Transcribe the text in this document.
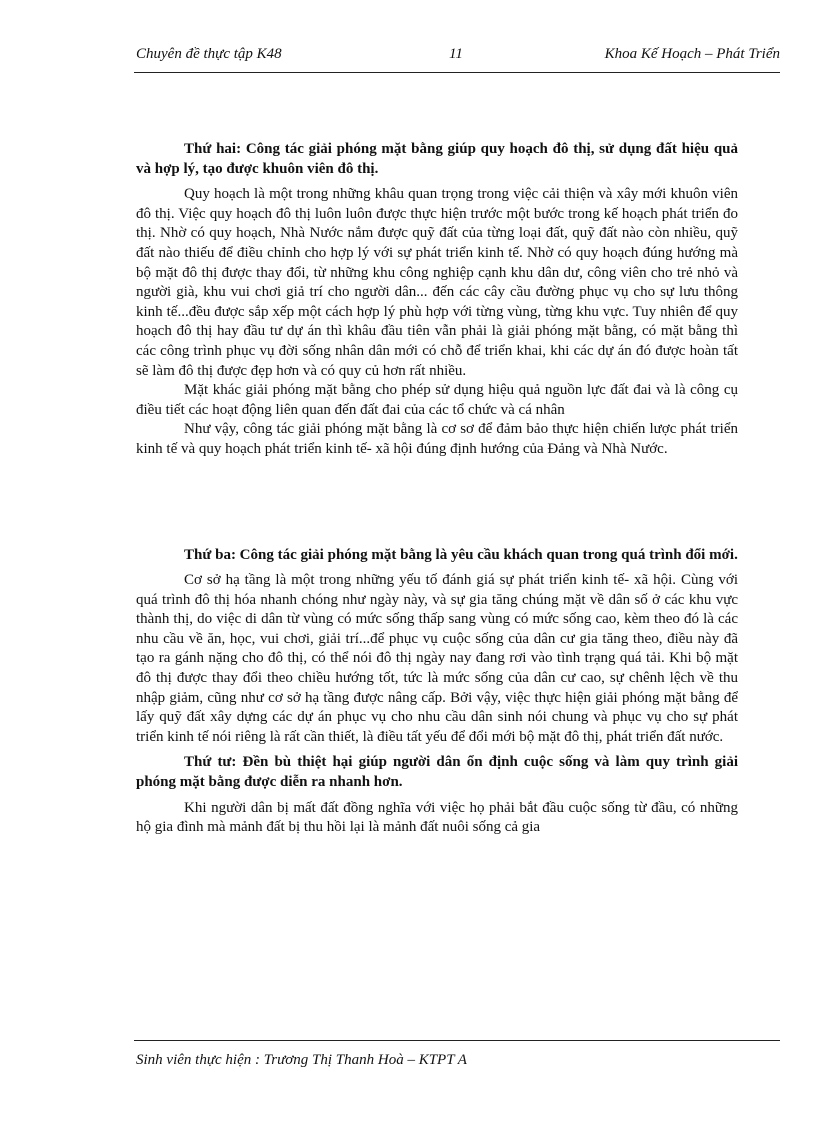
Chuyên đề thực tập K48	11	Khoa Kế Hoạch – Phát Triển

Thứ hai: Công tác giải phóng mặt bằng giúp quy hoạch đô thị, sử dụng đất hiệu quả và hợp lý, tạo được khuôn viên đô thị.

Quy hoạch là một trong những khâu quan trọng trong việc cải thiện và xây mới khuôn viên đô thị. Việc quy hoạch đô thị luôn luôn được thực hiện trước một bước trong kế hoạch phát triển đo thị. Nhờ có quy hoạch, Nhà Nước nắm được quỹ đất của từng loại đất, quỹ đất nào còn nhiều, quỹ đất nào thiếu để điều chỉnh cho hợp lý với sự phát triển kinh tế. Nhờ có quy hoạch đúng hướng mà bộ mặt đô thị được thay đổi, từ những khu công nghiệp cạnh khu dân dư, công viên cho trẻ nhỏ và người già, khu vui chơi giả trí cho người dân... đến các cây cầu đường phục vụ cho sự lưu thông kinh tế...đều được sắp xếp một cách hợp lý phù hợp với từng vùng, từng khu vực. Tuy nhiên để quy hoạch đô thị hay đầu tư dự án thì khâu đầu tiên vẫn phải là giải phóng mặt bằng, có mặt bằng thì các công trình phục vụ đời sống nhân dân mới có chỗ để triển khai, khi các dự án đó được hoàn tất sẽ làm đô thị được đẹp hơn và có quy củ hơn rất nhiều.

Mặt khác giải phóng mặt bằng cho phép sử dụng hiệu quả nguồn lực đất đai và là công cụ điều tiết các hoạt động liên quan đến đất đai của các tổ chức và cá nhân

Như vậy, công tác giải phóng mặt bằng là cơ sơ để đảm bảo thực hiện chiến lược phát triển kinh tế và quy hoạch phát triển kinh tế- xã hội đúng định hướng của Đảng và Nhà Nước.

Thứ ba: Công tác giải phóng mặt bằng là yêu cầu khách quan trong quá trình đổi mới.

Cơ sở hạ tầng là một trong những yếu tố đánh giá sự phát triển kinh tế- xã hội. Cùng với quá trình đô thị hóa nhanh chóng như ngày này, và sự gia tăng chúng mặt về dân số ở các khu vực thành thị, do việc di dân từ vùng có mức sống thấp sang vùng có mức sống cao, kèm theo đó là các nhu cầu về ăn, học, vui chơi, giải trí...để phục vụ cuộc sống của dân cư gia tăng theo, điều này đã tạo ra gánh nặng cho đô thị, có thể nói đô thị ngày nay đang rơi vào tình trạng quá tải. Khi bộ mặt đô thị được thay đổi theo chiều hướng tốt, tức là mức sống của dân cư cao, sự chênh lệch về thu nhập giảm, cũng như cơ sở hạ tầng được nâng cấp. Bởi vậy, việc thực hiện giải phóng mặt bằng để lấy quỹ đất xây dựng các dự án phục vụ cho nhu cầu dân sinh nói chung và phục vụ cho sự phát triển kinh tế nói riêng là rất cần thiết, là điều tất yếu để đổi mới bộ mặt đô thị, phát triển đất nước.

Thứ tư: Đền bù thiệt hại giúp người dân ổn định cuộc sống và làm quy trình giải phóng mặt bằng được diễn ra nhanh hơn.

Khi người dân bị mất đất đồng nghĩa với việc họ phải bắt đầu cuộc sống từ đầu, có những hộ gia đình mà mảnh đất bị thu hồi lại là mảnh đất nuôi sống cả gia

Sinh viên thực hiện : Trương Thị Thanh Hoà – KTPT A
